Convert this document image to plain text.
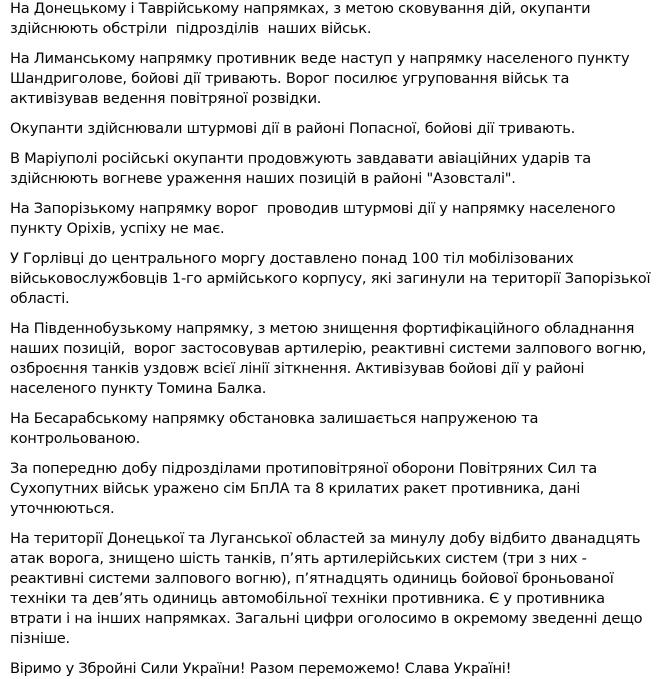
На Донецькому і Таврійському напрямках, з метою сковування дій, окупанти здійснюють обстріли  підрозділів  наших військ.

На Лиманському напрямку противник веде наступ у напрямку населеного пункту Шандриголове, бойові дії тривають. Ворог посилює угруповання військ та активізував ведення повітряної розвідки.

Окупанти здійснювали штурмові дії в районі Попасної, бойові дії тривають.

В Маріуполі російські окупанти продовжують завдавати авіаційних ударів та здійснюють вогневе ураження наших позицій в районі "Азовсталі".

На Запорізькому напрямку ворог  проводив штурмові дії у напрямку населеного пункту Оріхів, успіху не має.

У Горлівці до центрального моргу доставлено понад 100 тіл мобілізованих військовослужбовців 1-го армійського корпусу, які загинули на території Запорізької області.

На Південнобузькому напрямку, з метою знищення фортифікаційного обладнання наших позицій,  ворог застосовував артилерію, реактивні системи залпового вогню, озброєння танків уздовж всієї лінії зіткнення. Активізував бойові дії у районі населеного пункту Томина Балка.

На Бесарабському напрямку обстановка залишається напруженою та контрольованою.

За попередню добу підрозділами протиповітряної оборони Повітряних Сил та Сухопутних військ уражено сім БпЛА та 8 крилатих ракет противника, дані уточнюються.

На території Донецької та Луганської областей за минулу добу відбито дванадцять атак ворога, знищено шість танків, п’ять артилерійських систем (три з них - реактивні системи залпового вогню), п’ятнадцять одиниць бойової броньованої техніки та дев’ять одиниць автомобільної техніки противника. Є у противника втрати і на інших напрямках. Загальні цифри оголосимо в окремому зведенні дещо пізніше.

Віримо у Збройні Сили України! Разом переможемо! Слава Україні!
